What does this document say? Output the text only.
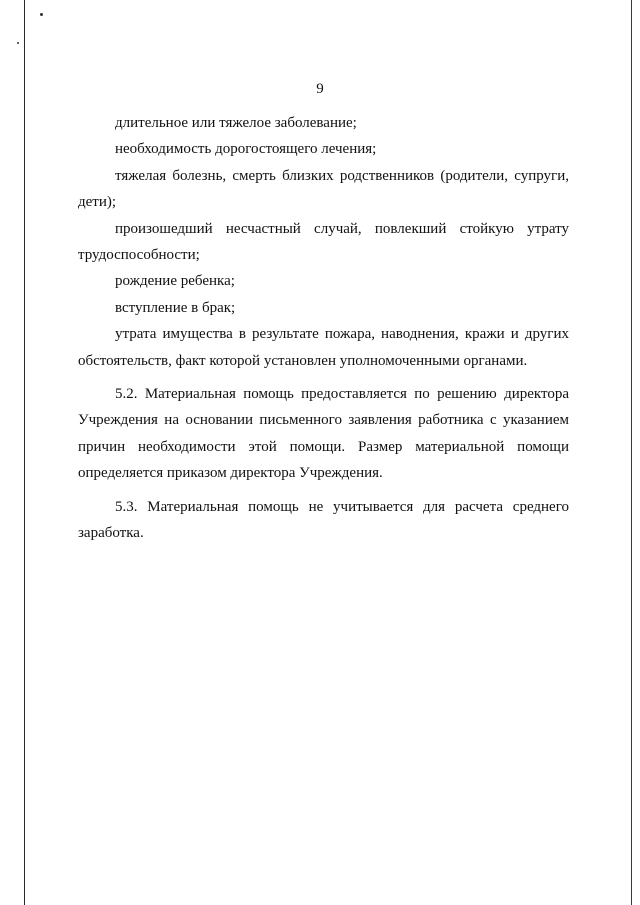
9

длительное или тяжелое заболевание;

необходимость дорогостоящего лечения;

тяжелая болезнь, смерть близких родственников (родители, супруги, дети);

произошедший несчастный случай, повлекший стойкую утрату трудоспособности;

рождение ребенка;

вступление в брак;

утрата имущества в результате пожара, наводнения, кражи и других обстоятельств, факт которой установлен уполномоченными органами.

5.2. Материальная помощь предоставляется по решению директора Учреждения на основании письменного заявления работника с указанием причин необходимости этой помощи. Размер материальной помощи определяется приказом директора Учреждения.

5.3. Материальная помощь не учитывается для расчета среднего заработка.
